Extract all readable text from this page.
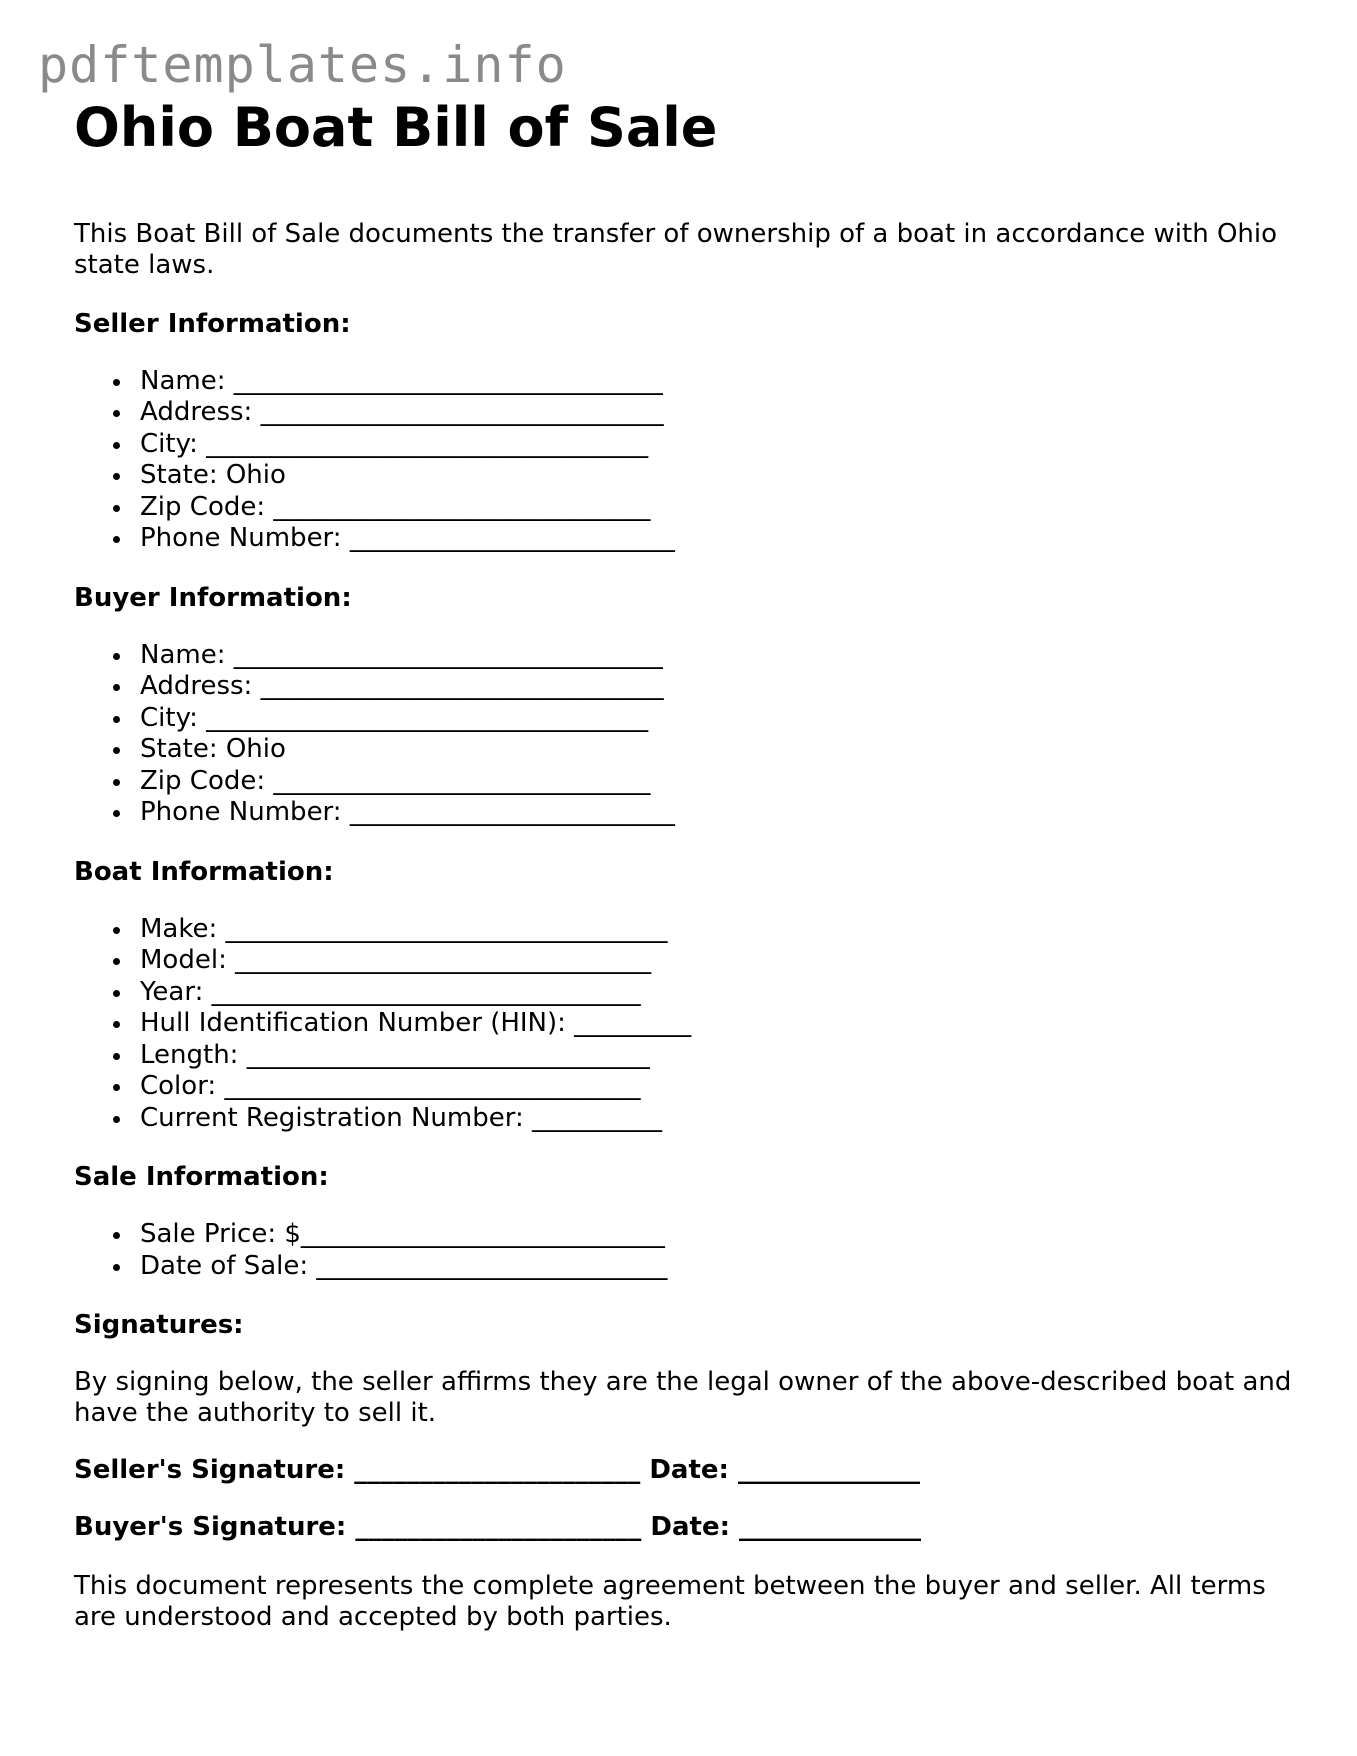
pdftemplates.info
Ohio Boat Bill of Sale

This Boat Bill of Sale documents the transfer of ownership of a boat in accordance with Ohio state laws.

Seller Information:
Name: _________________________________
Address: _______________________________
City: __________________________________
State: Ohio
Zip Code: _____________________________
Phone Number: _________________________
Buyer Information:
Name: _________________________________
Address: _______________________________
City: __________________________________
State: Ohio
Zip Code: _____________________________
Phone Number: _________________________
Boat Information:
Make: __________________________________
Model: ________________________________
Year: _________________________________
Hull Identification Number (HIN): _________
Length: _______________________________
Color: ________________________________
Current Registration Number: __________
Sale Information:
Sale Price: $____________________________
Date of Sale: ___________________________
Signatures:

By signing below, the seller affirms they are the legal owner of the above-described boat and have the authority to sell it.

Seller's Signature: ______________________ Date: ______________

Buyer's Signature: ______________________ Date: ______________

This document represents the complete agreement between the buyer and seller. All terms are understood and accepted by both parties.
